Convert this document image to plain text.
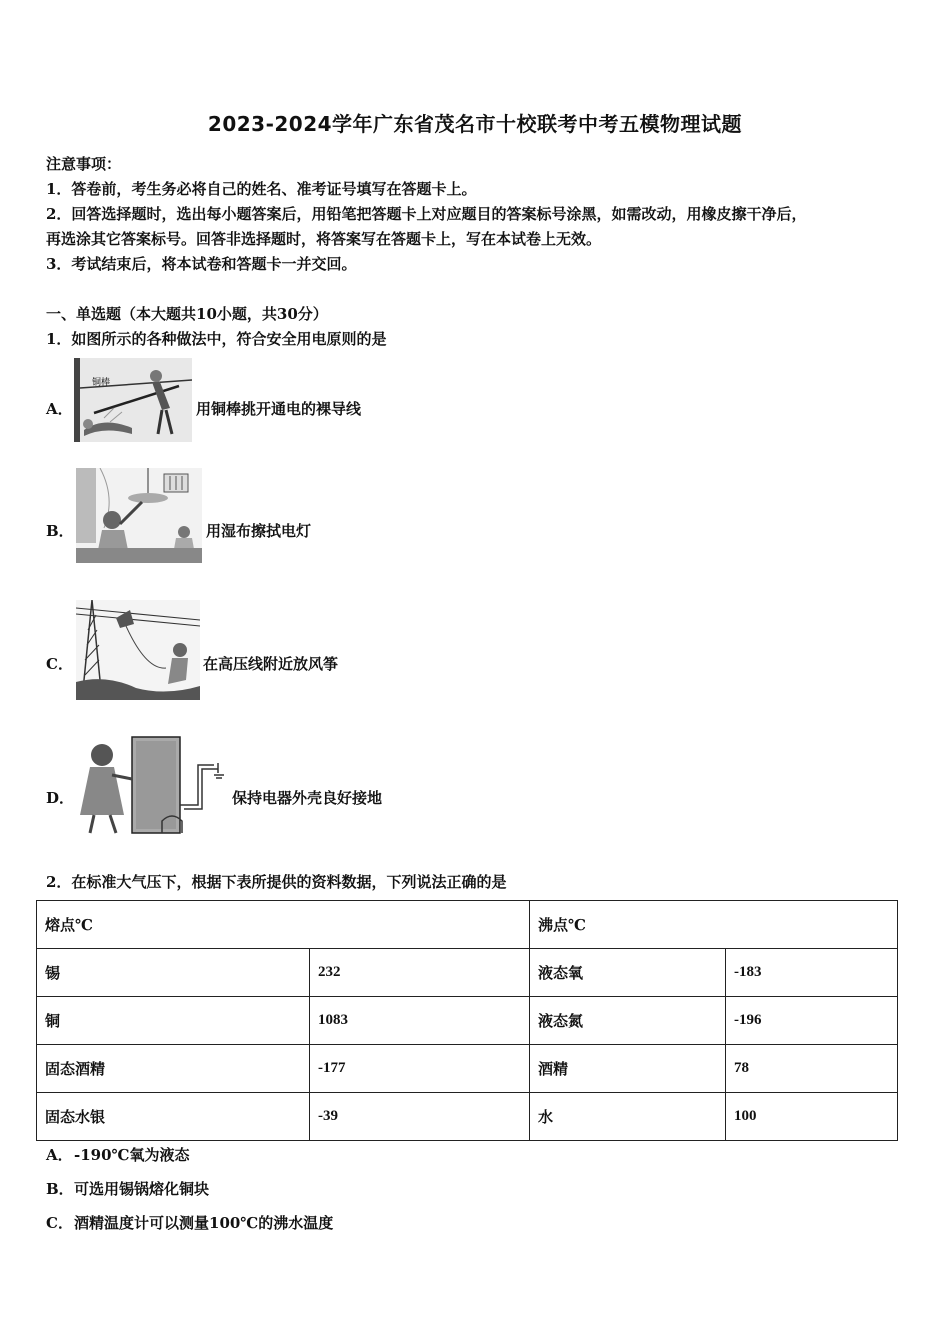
2023-2024学年广东省茂名市十校联考中考五模物理试题
注意事项：
1．答卷前，考生务必将自己的姓名、准考证号填写在答题卡上。
2．回答选择题时，选出每小题答案后，用铅笔把答题卡上对应题目的答案标号涂黑，如需改动，用橡皮擦干净后，
再选涂其它答案标号。回答非选择题时，将答案写在答题卡上，写在本试卷上无效。
3．考试结束后，将本试卷和答题卡一并交回。
一、单选题（本大题共10小题，共30分）
1．如图所示的各种做法中，符合安全用电原则的是
A．
铜棒
用铜棒挑开通电的裸导线
B．	用湿布擦拭电灯
C．	在高压线附近放风筝
D．	保持电器外壳良好接地
2．在标准大气压下，根据下表所提供的资料数据，下列说法正确的是
熔点℃		沸点℃	
锡	232	液态氧	-183
铜	1083	液态氮	-196
固态酒精	-177	酒精	78
固态水银	-39	水	100
A． -190℃氧为液态
B． 可选用锡锅熔化铜块
C． 酒精温度计可以测量100℃的沸水温度
